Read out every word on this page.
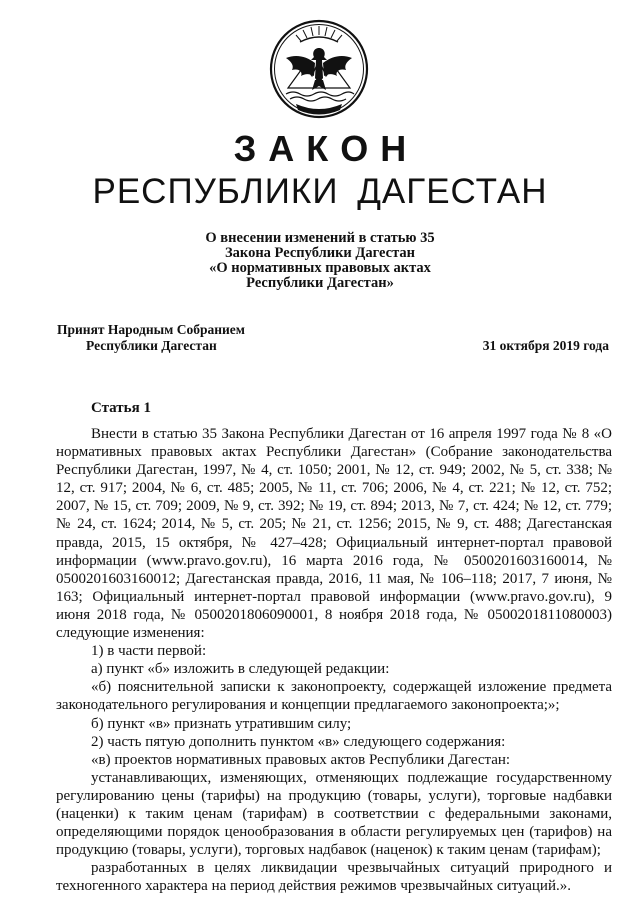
ЗАКОН
РЕСПУБЛИКИ ДАГЕСТАН
О внесении изменений в статью 35
Закона Республики Дагестан
«О нормативных правовых актах
Республики Дагестан»
Принят Народным Собранием
Республики Дагестан	31 октября 2019 года
Статья 1

Внести в статью 35 Закона Республики Дагестан от 16 апреля 1997 года № 8 «О нормативных правовых актах Республики Дагестан» (Собрание законодательства Республики Дагестан, 1997, № 4, ст. 1050; 2001, № 12, ст. 949; 2002, № 5, ст. 338; № 12, ст. 917; 2004, № 6, ст. 485; 2005, № 11, ст. 706; 2006, № 4, ст. 221; № 12, ст. 752; 2007, № 15, ст. 709; 2009, № 9, ст. 392; № 19, ст. 894; 2013, № 7, ст. 424; № 12, ст. 779; № 24, ст. 1624; 2014, № 5, ст. 205; № 21, ст. 1256; 2015, № 9, ст. 488; Дагестанская правда, 2015, 15 октября, № 427–428; Официальный интернет-портал правовой информации (www.pravo.gov.ru), 16 марта 2016 года, № 0500201603160014, № 0500201603160012; Дагестанская правда, 2016, 11 мая, № 106–118; 2017, 7 июня, № 163; Официальный интернет-портал правовой информации (www.pravo.gov.ru), 9 июня 2018 года, № 0500201806090001, 8 ноября 2018 года, № 0500201811080003) следующие изменения:

1) в части первой:

а) пункт «б» изложить в следующей редакции:

«б) пояснительной записки к законопроекту, содержащей изложение предмета законодательного регулирования и концепции предлагаемого законопроекта;»;

б) пункт «в» признать утратившим силу;

2) часть пятую дополнить пунктом «в» следующего содержания:

«в) проектов нормативных правовых актов Республики Дагестан:

устанавливающих, изменяющих, отменяющих подлежащие государственному регулированию цены (тарифы) на продукцию (товары, услуги), торговые надбавки (наценки) к таким ценам (тарифам) в соответствии с федеральными законами, определяющими порядок ценообразования в области регулируемых цен (тарифов) на продукцию (товары, услуги), торговых надбавок (наценок) к таким ценам (тарифам);

разработанных в целях ликвидации чрезвычайных ситуаций природного и техногенного характера на период действия режимов чрезвычайных ситуаций.».
